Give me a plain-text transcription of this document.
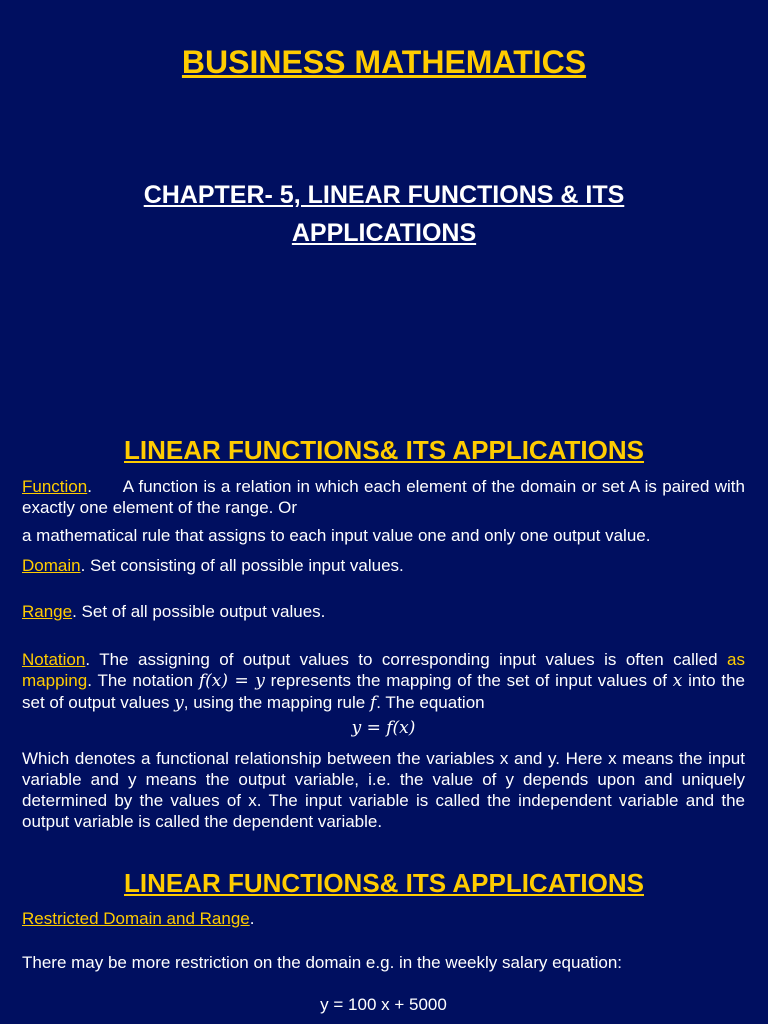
BUSINESS MATHEMATICS
CHAPTER- 5, LINEAR FUNCTIONS & ITS
APPLICATIONS
LINEAR FUNCTIONS& ITS APPLICATIONS
Function.      A function is a relation in which each element of the domain or set A is paired with exactly one element of the range. Or
a mathematical rule that assigns to each input value one and only one output value.
Domain. Set consisting of all possible input values.
Range. Set of all possible output values.
Notation. The assigning of output values to corresponding input values is often called as mapping. The notation f(x) = y represents the mapping of the set of input values of x into the set of output values y, using the mapping rule f. The equation
y = f(x)
Which denotes a functional relationship between the variables x and y. Here x means the input variable and y means the output variable, i.e. the value of y depends upon and uniquely determined by the values of x. The input variable is called the independent variable and the output variable is called the dependent variable.
LINEAR FUNCTIONS& ITS APPLICATIONS
Restricted Domain and Range.
There may be more restriction on the domain e.g. in the weekly salary equation:
y = 100 x + 5000
